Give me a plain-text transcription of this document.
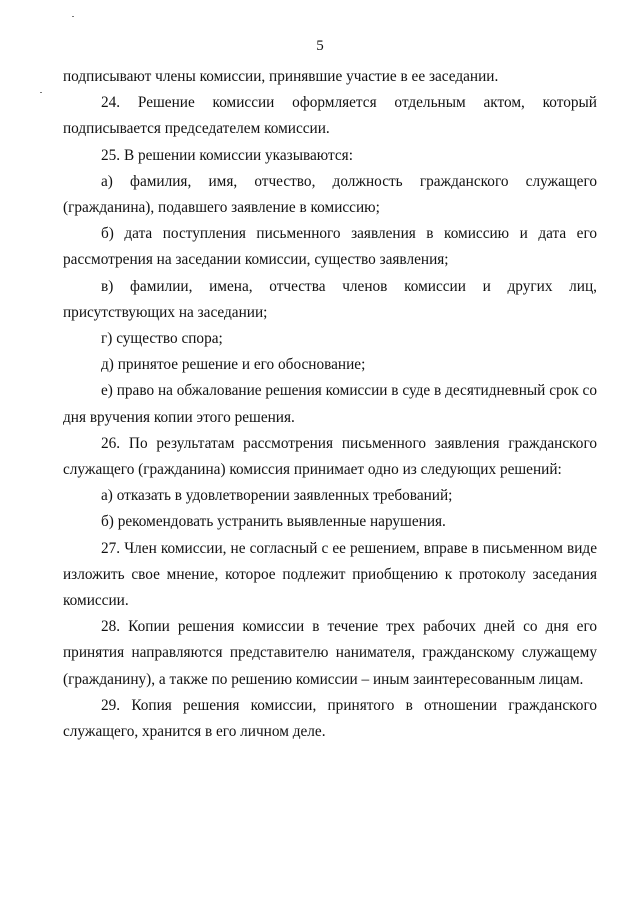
5

подписывают члены комиссии, принявшие участие в ее заседании.

24. Решение комиссии оформляется отдельным актом, который подписывается председателем комиссии.

25. В решении комиссии указываются:

а) фамилия, имя, отчество, должность гражданского служащего (гражданина), подавшего заявление в комиссию;

б) дата поступления письменного заявления в комиссию и дата его рассмотрения на заседании комиссии, существо заявления;

в) фамилии, имена, отчества членов комиссии и других лиц, присутствующих на заседании;

г) существо спора;

д) принятое решение и его обоснование;

е) право на обжалование решения комиссии в суде в десятидневный срок со дня вручения копии этого решения.

26. По результатам рассмотрения письменного заявления гражданского служащего (гражданина) комиссия принимает одно из следующих решений:

а) отказать в удовлетворении заявленных требований;

б) рекомендовать устранить выявленные нарушения.

27. Член комиссии, не согласный с ее решением, вправе в письменном виде изложить свое мнение, которое подлежит приобщению к протоколу заседания комиссии.

28. Копии решения комиссии в течение трех рабочих дней со дня его принятия направляются представителю нанимателя, гражданскому служащему (гражданину), а также по решению комиссии – иным заинтересованным лицам.

29. Копия решения комиссии, принятого в отношении гражданского служащего, хранится в его личном деле.
